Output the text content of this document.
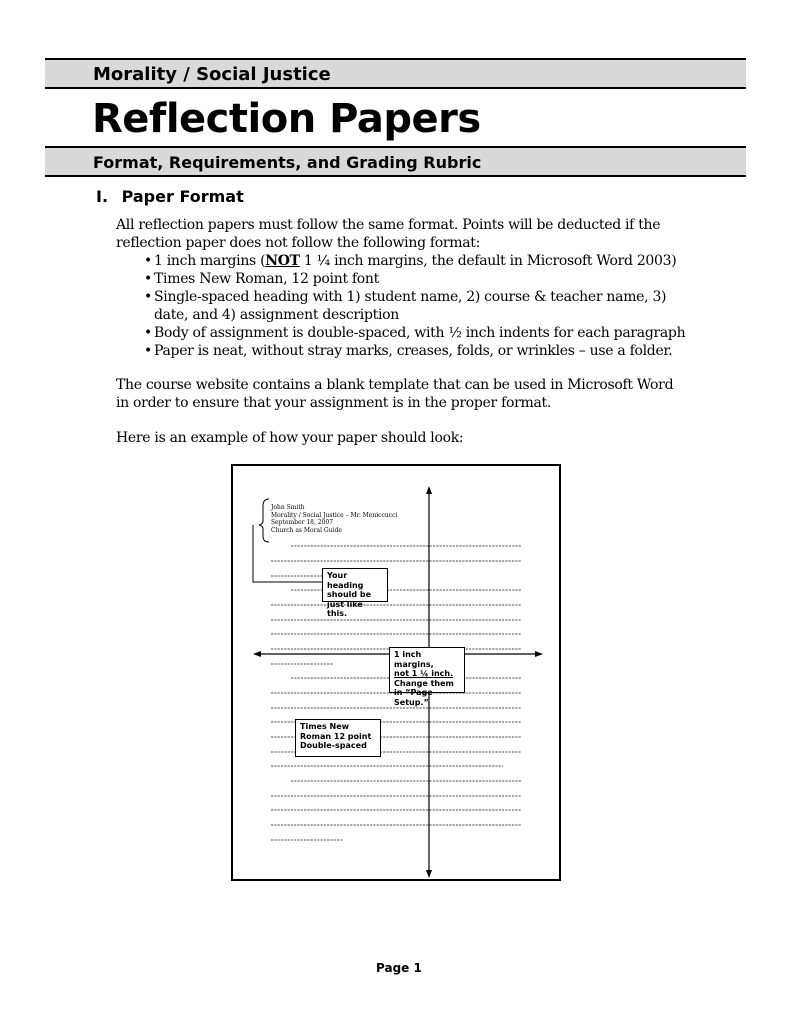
Morality / Social Justice
Reflection Papers
Format, Requirements, and Grading Rubric
I. Paper Format
All reflection papers must follow the same format. Points will be deducted if the reflection paper does not follow the following format:
• 1 inch margins (NOT 1 ¼ inch margins, the default in Microsoft Word 2003)
• Times New Roman, 12 point font
• Single-spaced heading with 1) student name, 2) course & teacher name, 3) date, and 4) assignment description
• Body of assignment is double-spaced, with ½ inch indents for each paragraph
• Paper is neat, without stray marks, creases, folds, or wrinkles – use a folder.

The course website contains a blank template that can be used in Microsoft Word in order to ensure that your assignment is in the proper format.

Here is an example of how your paper should look:

John Smith
Morality / Social Justice – Mr. Meniccucci
September 18, 2007
Church as Moral Guide
Your heading should be just like this.
1 inch margins,
not 1 ¼ inch.
Change them in “Page Setup.”
Times New Roman 12 point Double-spaced

Page 1
